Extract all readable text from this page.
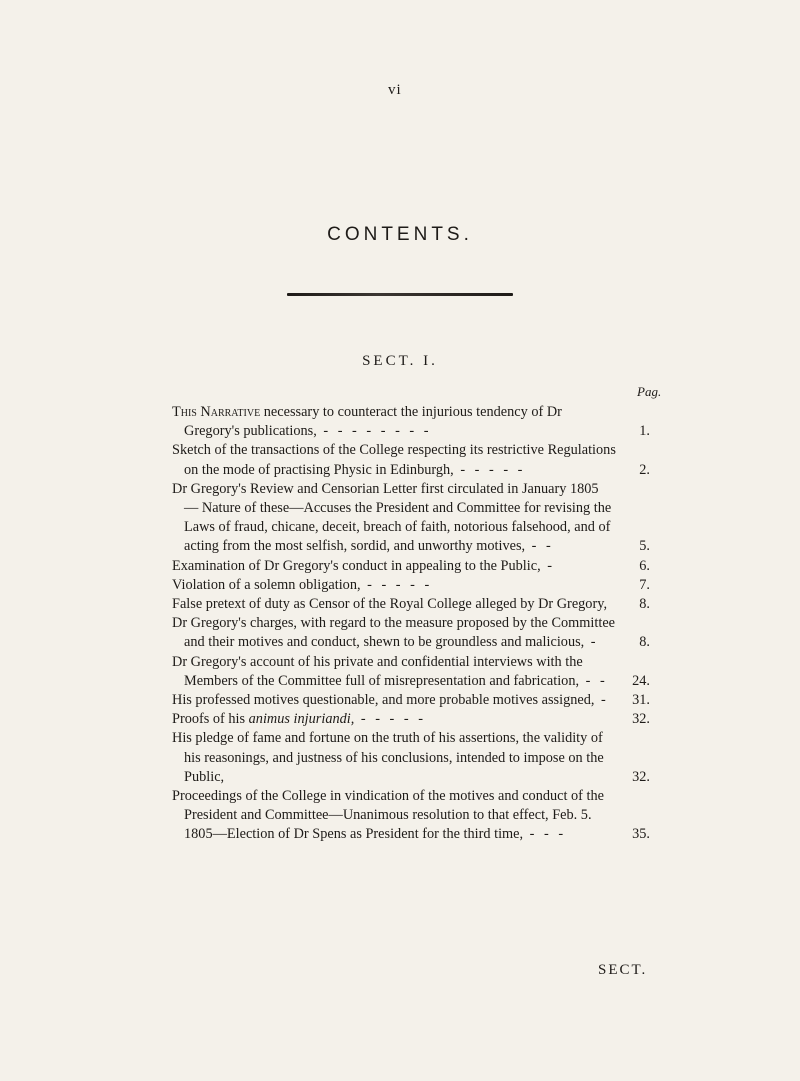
vi
CONTENTS.
SECT. I.
Pag.
This Narrative necessary to counteract the injurious tendency of Dr Gregory's publications, - - - - - - - -	1.
Sketch of the transactions of the College respecting its restrictive Regulations on the mode of practising Physic in Edinburgh, - - - - -	2.
Dr Gregory's Review and Censorian Letter first circulated in January 1805 — Nature of these—Accuses the President and Committee for revising the Laws of fraud, chicane, deceit, breach of faith, notorious falsehood, and of acting from the most selfish, sordid, and unworthy motives, - -	5.
Examination of Dr Gregory's conduct in appealing to the Public, -	6.
Violation of a solemn obligation, - - - - -	7.
False pretext of duty as Censor of the Royal College alleged by Dr Gregory,	8.
Dr Gregory's charges, with regard to the measure proposed by the Committee and their motives and conduct, shewn to be groundless and malicious, -	8.
Dr Gregory's account of his private and confidential interviews with the Members of the Committee full of misrepresentation and fabrication, - -	24.
His professed motives questionable, and more probable motives assigned, -	31.
Proofs of his animus injuriandi, - - - - -	32.
His pledge of fame and fortune on the truth of his assertions, the validity of his reasonings, and justness of his conclusions, intended to impose on the Public,	32.
Proceedings of the College in vindication of the motives and conduct of the President and Committee—Unanimous resolution to that effect, Feb. 5. 1805—Election of Dr Spens as President for the third time, - - -	35.
SECT.
